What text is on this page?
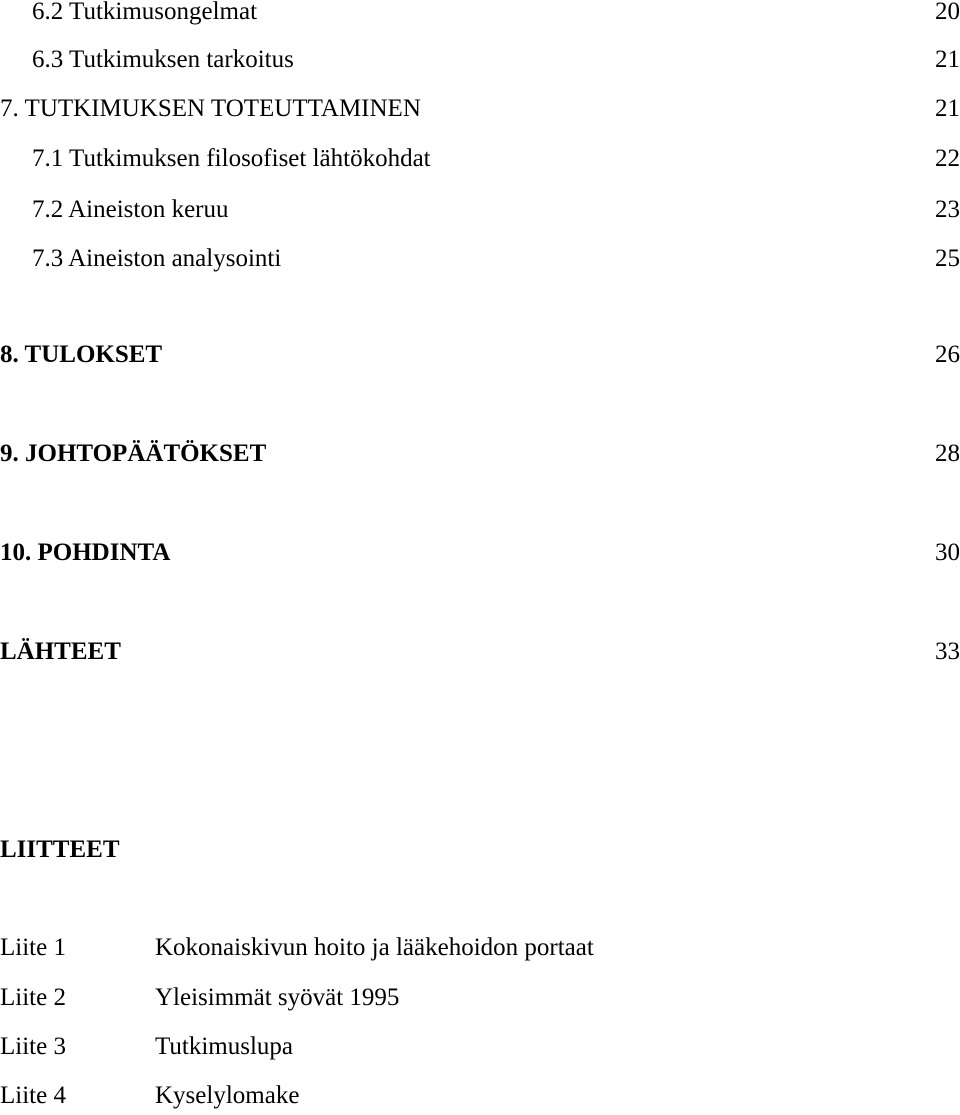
6.2 Tutkimusongelmat	20
6.3 Tutkimuksen tarkoitus	21
7. TUTKIMUKSEN TOTEUTTAMINEN	21
7.1 Tutkimuksen filosofiset lähtökohdat	22
7.2 Aineiston keruu	23
7.3 Aineiston analysointi	25
8. TULOKSET	26
9. JOHTOPÄÄTÖKSET	28
10. POHDINTA	30
LÄHTEET	33
LIITTEET
Liite 1	Kokonaiskivun hoito ja lääkehoidon portaat
Liite 2	Yleisimmät syövät 1995
Liite 3	Tutkimuslupa
Liite 4	Kyselylomake
